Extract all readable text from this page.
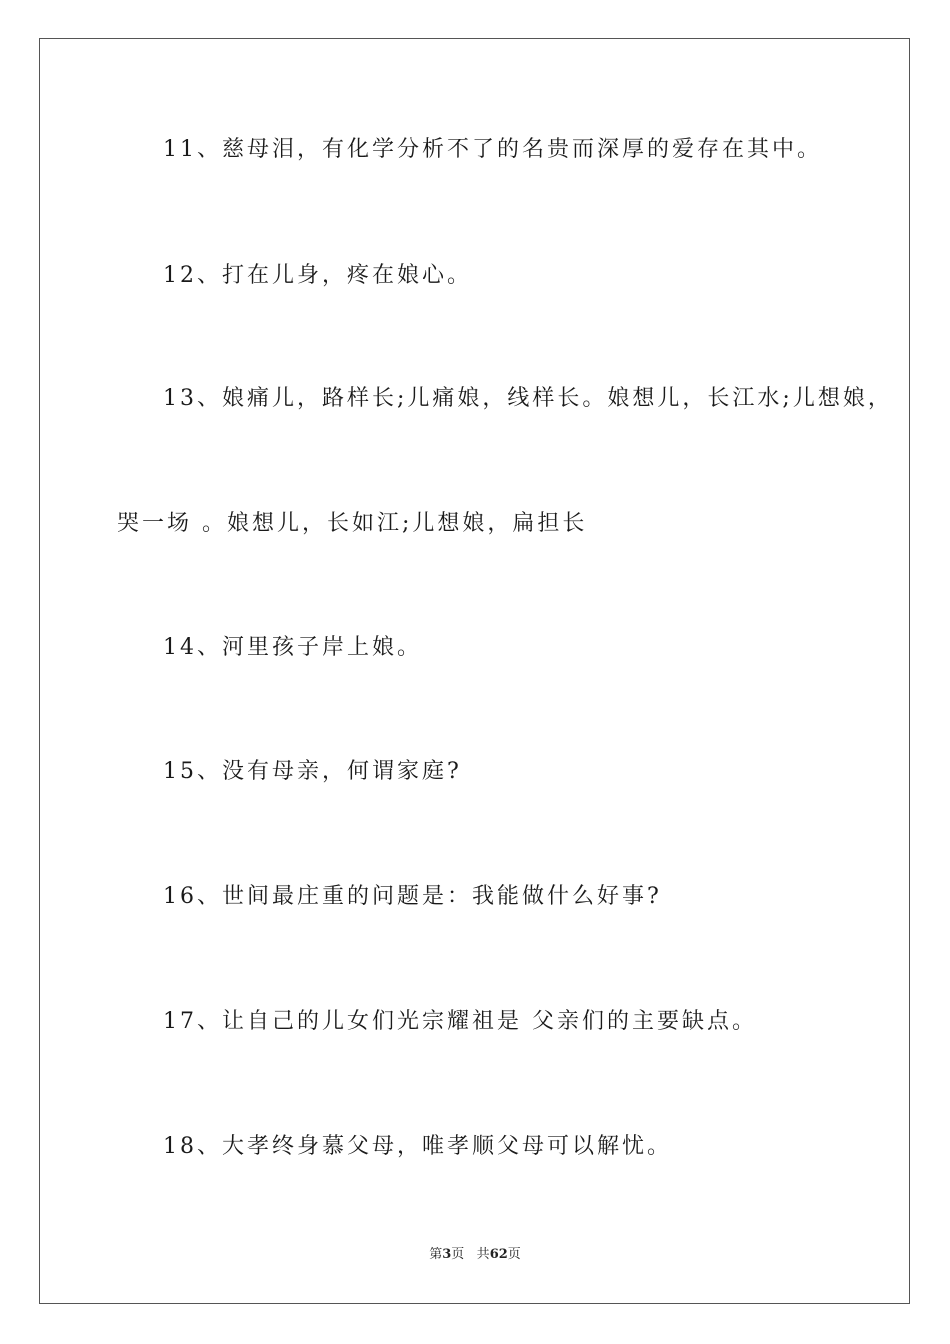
11、慈母泪，有化学分析不了的名贵而深厚的爱存在其中。
12、打在儿身，疼在娘心。
13、娘痛儿，路样长;儿痛娘，线样长。娘想儿，长江水;儿想娘，
哭一场 。娘想儿，长如江;儿想娘，扁担长
14、河里孩子岸上娘。
15、没有母亲，何谓家庭?
16、世间最庄重的问题是：我能做什么好事?
17、让自己的儿女们光宗耀祖是 父亲们的主要缺点。
18、大孝终身慕父母，唯孝顺父母可以解忧。
第3页 共62页
